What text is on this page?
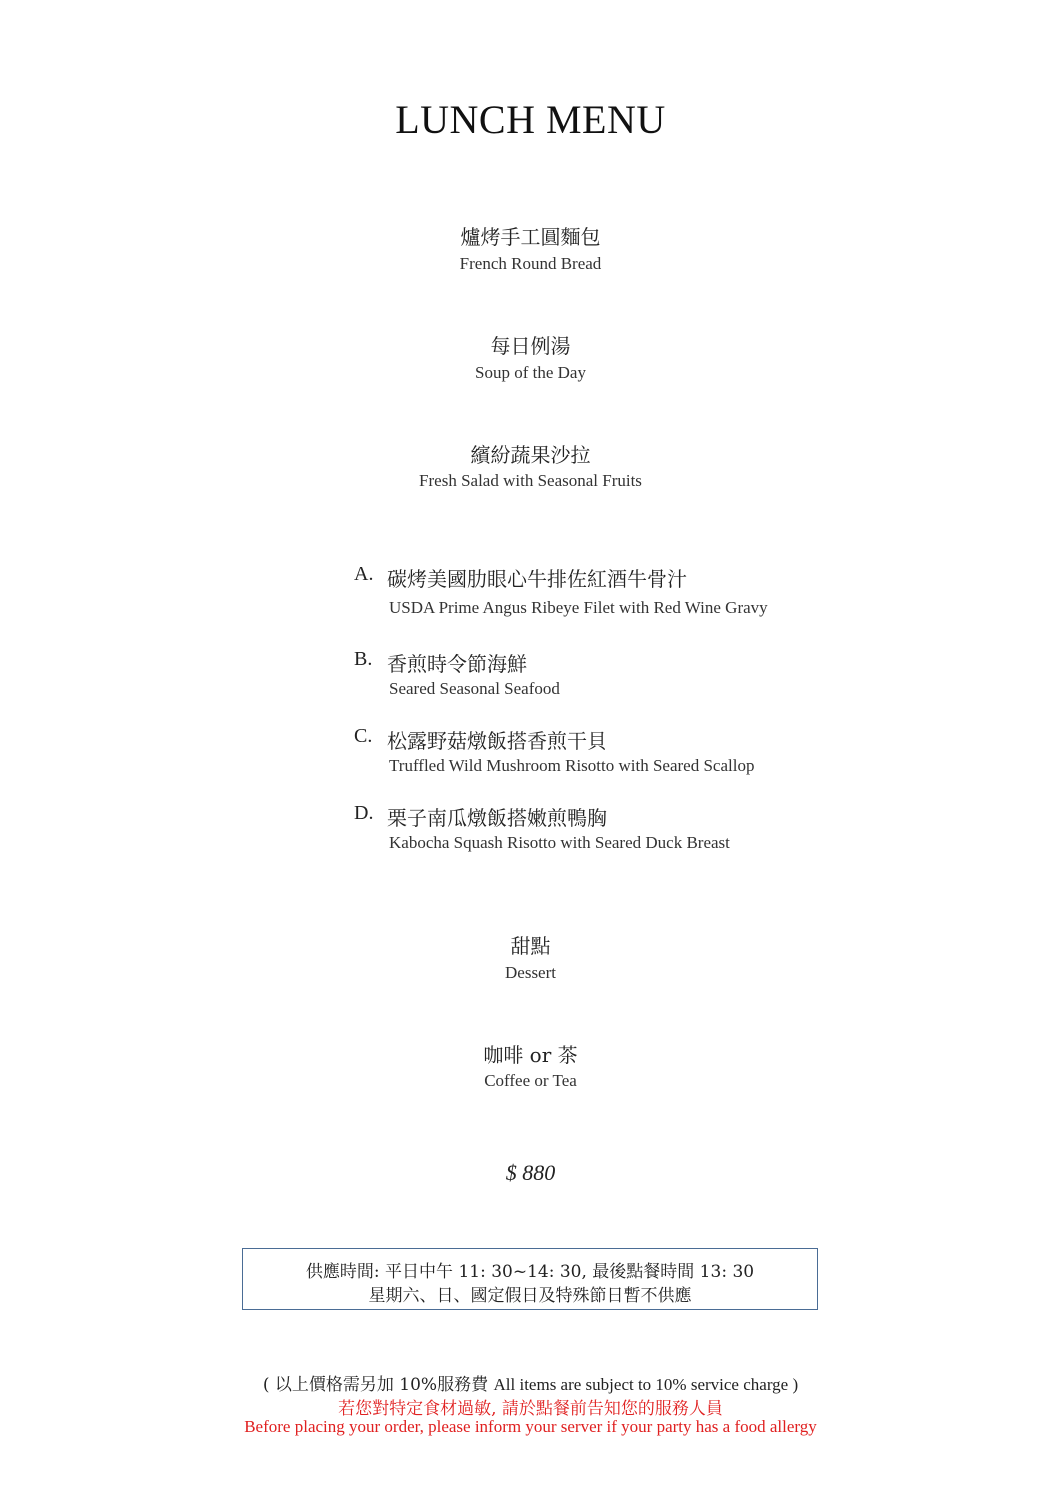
LUNCH MENU
爐烤手工圓麵包
French Round Bread
每日例湯
Soup of the Day
繽紛蔬果沙拉
Fresh Salad with Seasonal Fruits
A. 碳烤美國肋眼心牛排佐紅酒牛骨汁
USDA Prime Angus Ribeye Filet with Red Wine Gravy
B. 香煎時令節海鮮
Seared Seasonal Seafood
C. 松露野菇燉飯搭香煎干貝
Truffled Wild Mushroom Risotto with Seared Scallop
D. 栗子南瓜燉飯搭嫩煎鴨胸
Kabocha Squash Risotto with Seared Duck Breast
甜點
Dessert
咖啡 or 茶
Coffee or Tea
$ 880
供應時間: 平日中午 11: 30~14: 30, 最後點餐時間 13: 30
星期六、日、國定假日及特殊節日暫不供應
( 以上價格需另加 10%服務費 All items are subject to 10% service charge )
若您對特定食材過敏, 請於點餐前告知您的服務人員
Before placing your order, please inform your server if your party has a food allergy
